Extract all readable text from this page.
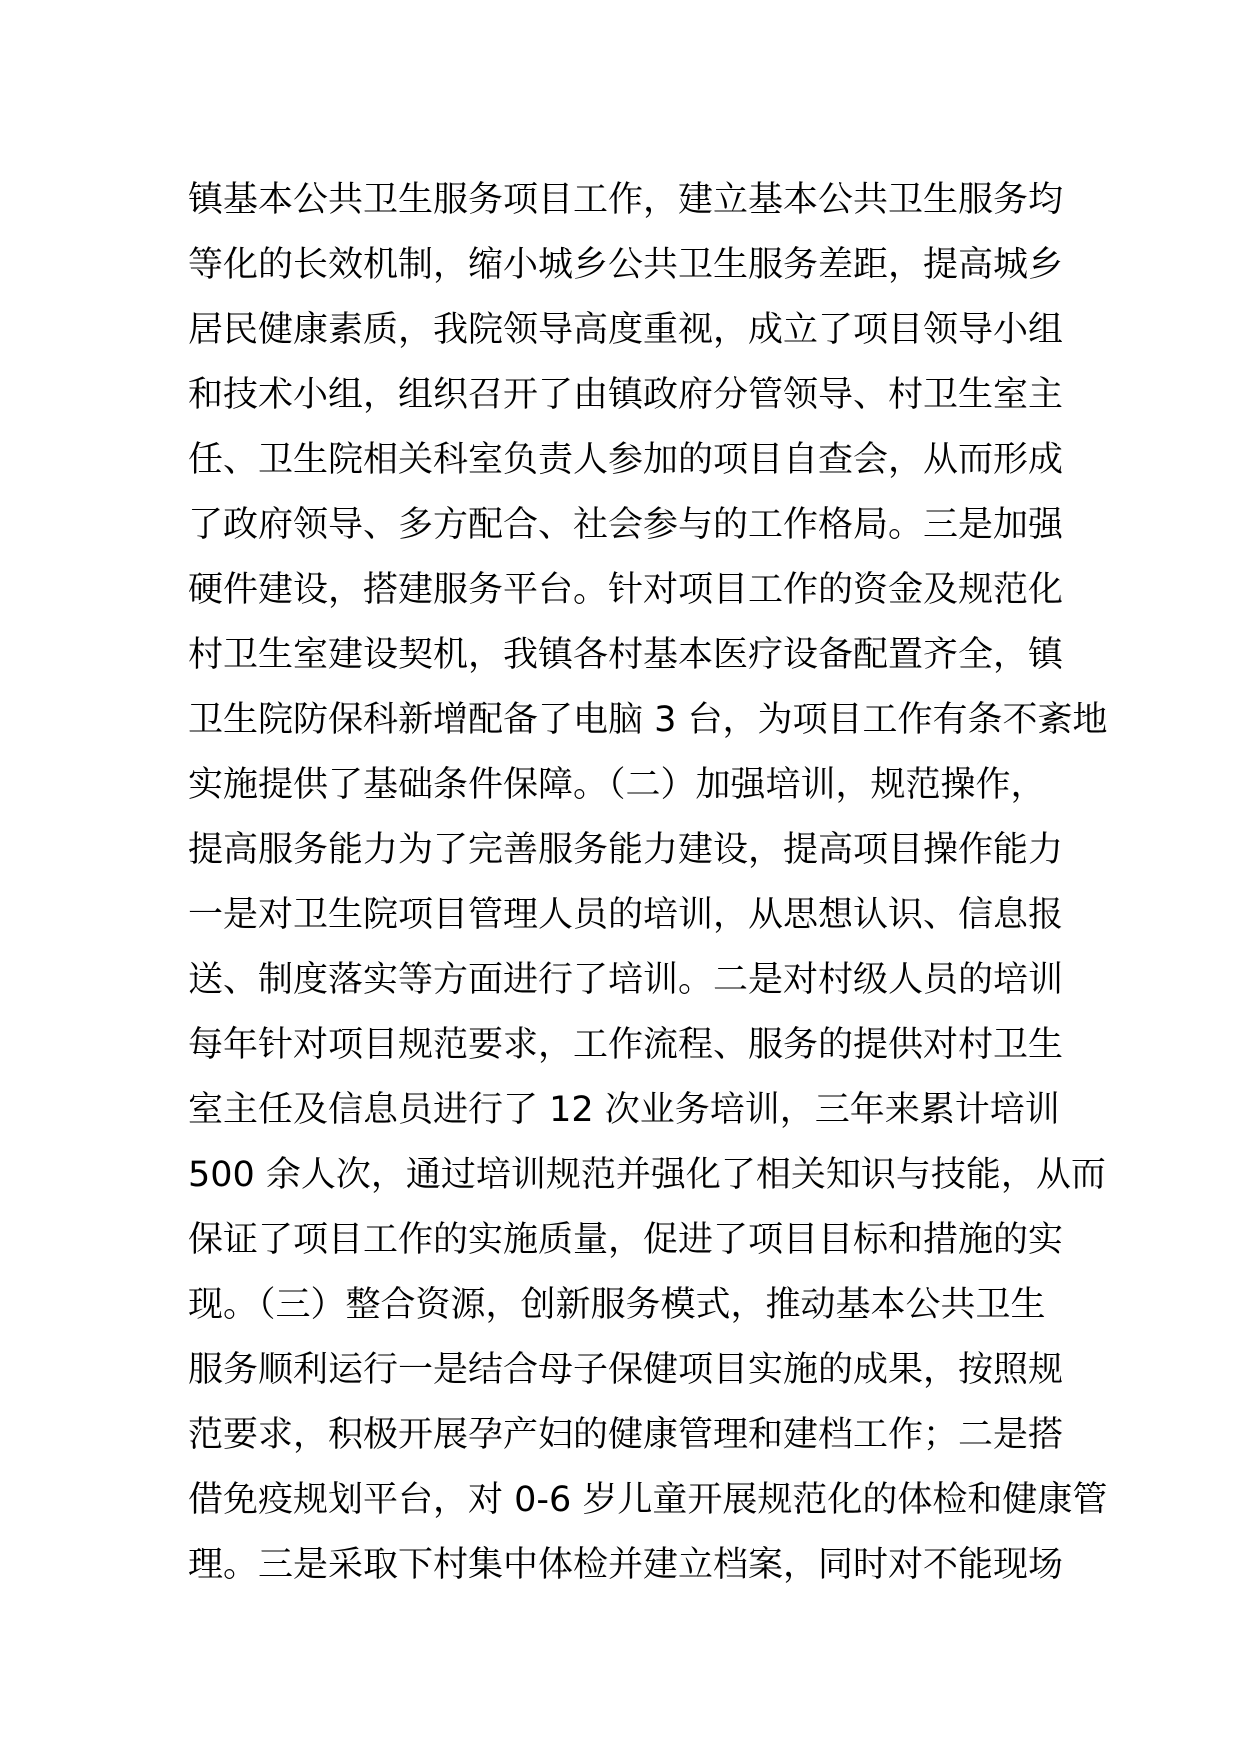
镇基本公共卫生服务项目工作，建立基本公共卫生服务均
等化的长效机制，缩小城乡公共卫生服务差距，提高城乡
居民健康素质，我院领导高度重视，成立了项目领导小组
和技术小组，组织召开了由镇政府分管领导、村卫生室主
任、卫生院相关科室负责人参加的项目自查会，从而形成
了政府领导、多方配合、社会参与的工作格局。三是加强
硬件建设，搭建服务平台。针对项目工作的资金及规范化
村卫生室建设契机，我镇各村基本医疗设备配置齐全，镇
卫生院防保科新增配备了电脑 3 台，为项目工作有条不紊地
实施提供了基础条件保障。（二）加强培训，规范操作，
提高服务能力为了完善服务能力建设，提高项目操作能力
一是对卫生院项目管理人员的培训，从思想认识、信息报
送、制度落实等方面进行了培训。二是对村级人员的培训
每年针对项目规范要求，工作流程、服务的提供对村卫生
室主任及信息员进行了 12 次业务培训，三年来累计培训
500 余人次，通过培训规范并强化了相关知识与技能，从而
保证了项目工作的实施质量，促进了项目目标和措施的实
现。（三）整合资源，创新服务模式，推动基本公共卫生
服务顺利运行一是结合母子保健项目实施的成果，按照规
范要求，积极开展孕产妇的健康管理和建档工作；二是搭
借免疫规划平台，对 0-6 岁儿童开展规范化的体检和健康管
理。三是采取下村集中体检并建立档案，同时对不能现场
